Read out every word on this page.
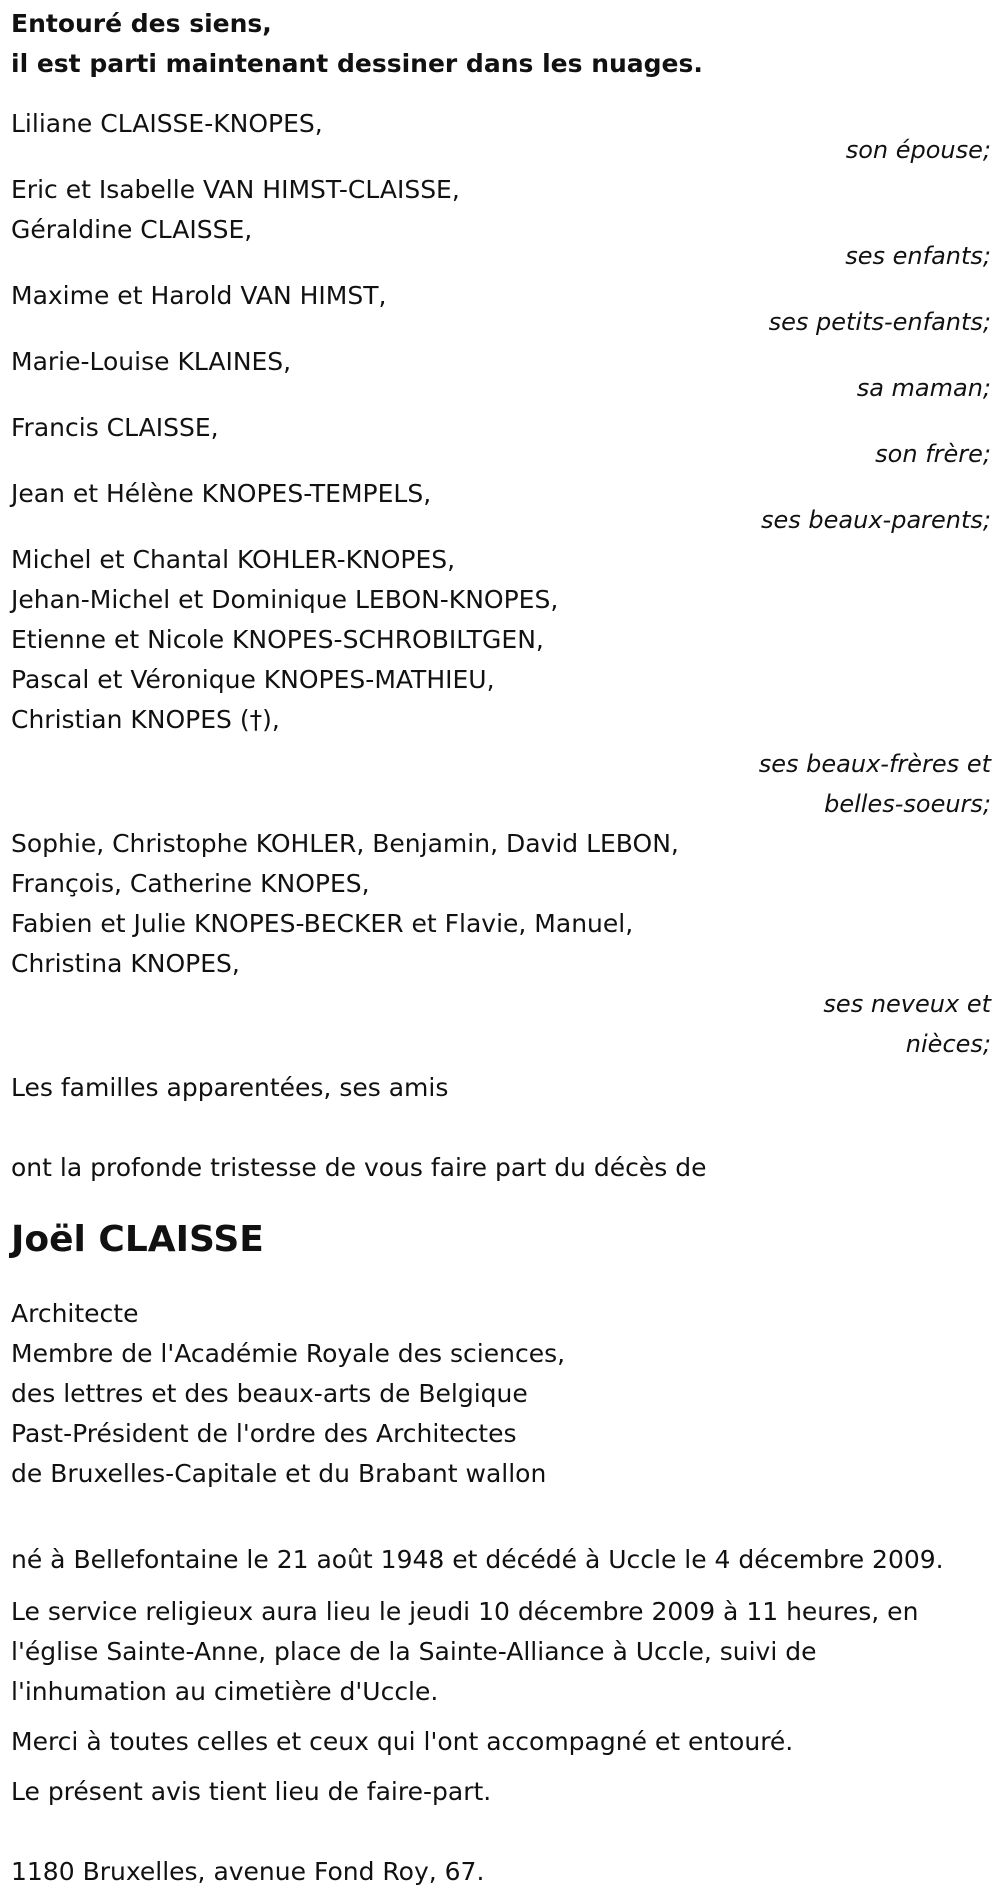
Entouré des siens,

il est parti maintenant dessiner dans les nuages.

Liliane CLAISSE-KNOPES,

son épouse;

Eric et Isabelle VAN HIMST-CLAISSE,

Géraldine CLAISSE,

ses enfants;

Maxime et Harold VAN HIMST,

ses petits-enfants;

Marie-Louise KLAINES,

sa maman;

Francis CLAISSE,

son frère;

Jean et Hélène KNOPES-TEMPELS,

ses beaux-parents;

Michel et Chantal KOHLER-KNOPES,

Jehan-Michel et Dominique LEBON-KNOPES,

Etienne et Nicole KNOPES-SCHROBILTGEN,

Pascal et Véronique KNOPES-MATHIEU,

Christian KNOPES (†),

ses beaux-frères et

belles-soeurs;

Sophie, Christophe KOHLER, Benjamin, David LEBON,

François, Catherine KNOPES,

Fabien et Julie KNOPES-BECKER et Flavie, Manuel,

Christina KNOPES,

ses neveux et

nièces;

Les familles apparentées, ses amis

ont la profonde tristesse de vous faire part du décès de

Joël CLAISSE

Architecte

Membre de l'Académie Royale des sciences,

des lettres et des beaux-arts de Belgique

Past-Président de l'ordre des Architectes

de Bruxelles-Capitale et du Brabant wallon

né à Bellefontaine le 21 août 1948 et décédé à Uccle le 4 décembre 2009.

Le service religieux aura lieu le jeudi 10 décembre 2009 à 11 heures, en

l'église Sainte-Anne, place de la Sainte-Alliance à Uccle, suivi de

l'inhumation au cimetière d'Uccle.

Merci à toutes celles et ceux qui l'ont accompagné et entouré.

Le présent avis tient lieu de faire-part.

1180 Bruxelles, avenue Fond Roy, 67.
